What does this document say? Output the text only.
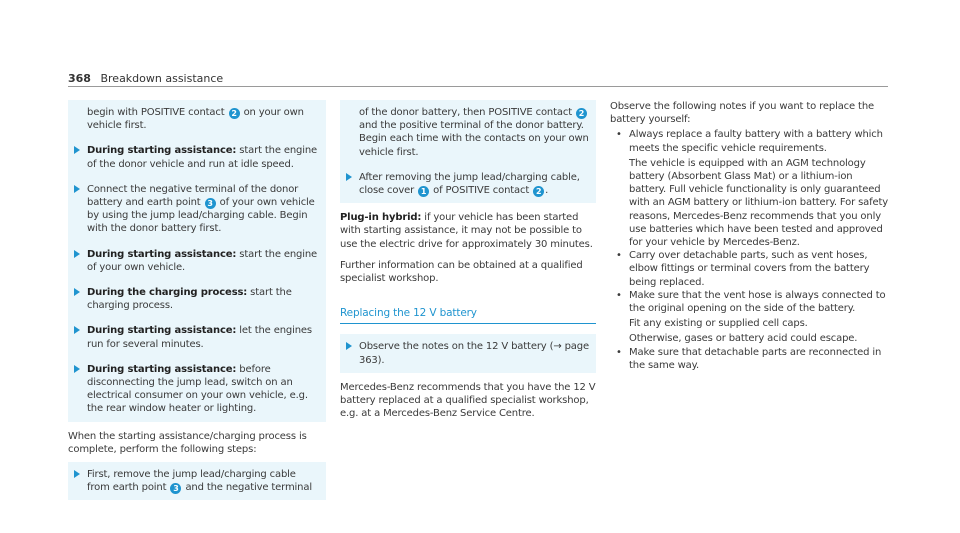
368 Breakdown assistance
begin with POSITIVE contact 2 on your own vehicle first.
During starting assistance: start the engine of the donor vehicle and run at idle speed.
Connect the negative terminal of the donor battery and earth point 3 of your own vehicle by using the jump lead/charging cable. Begin with the donor battery first.
During starting assistance: start the engine of your own vehicle.
During the charging process: start the charging process.
During starting assistance: let the engines run for several minutes.
During starting assistance: before disconnecting the jump lead, switch on an electrical consumer on your own vehicle, e.g. the rear window heater or lighting.

When the starting assistance/charging process is complete, perform the following steps:

First, remove the jump lead/charging cable from earth point 3 and the negative terminal
of the donor battery, then POSITIVE contact 2 and the positive terminal of the donor battery. Begin each time with the contacts on your own vehicle first.
After removing the jump lead/charging cable, close cover 1 of POSITIVE contact 2 .

Plug-in hybrid: if your vehicle has been started with starting assistance, it may not be possible to use the electric drive for approximately 30 minutes.

Further information can be obtained at a qualified specialist workshop.

Replacing the 12 V battery

Observe the notes on the 12 V battery (→ page 363).

Mercedes-Benz recommends that you have the 12 V battery replaced at a qualified specialist workshop, e.g. at a Mercedes-Benz Service Centre.

Observe the following notes if you want to replace the battery yourself:

• Always replace a faulty battery with a battery which meets the specific vehicle requirements.
The vehicle is equipped with an AGM technology battery (Absorbent Glass Mat) or a lithium-ion battery. Full vehicle functionality is only guaranteed with an AGM battery or lithium-ion battery. For safety reasons, Mercedes-Benz recommends that you only use batteries which have been tested and approved for your vehicle by Mercedes-Benz.
• Carry over detachable parts, such as vent hoses, elbow fittings or terminal covers from the battery being replaced.
• Make sure that the vent hose is always connected to the original opening on the side of the battery.
Fit any existing or supplied cell caps.
Otherwise, gases or battery acid could escape.
• Make sure that detachable parts are reconnected in the same way.
